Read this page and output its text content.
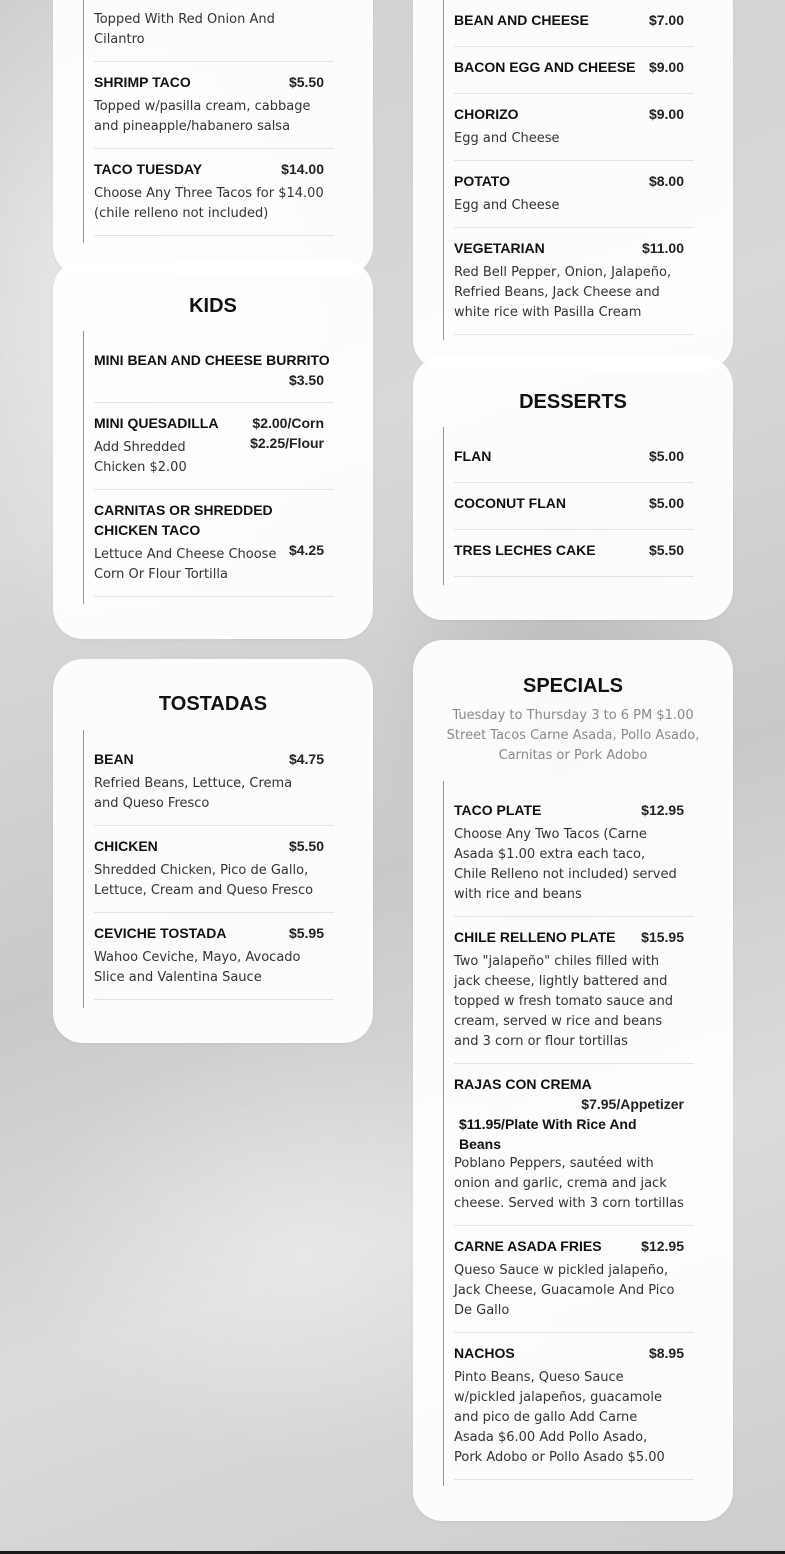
Topped With Red Onion And Cilantro
SHRIMP TACO	$5.50
Topped w/pasilla cream, cabbage and pineapple/habanero salsa
TACO TUESDAY	$14.00
Choose Any Three Tacos for $14.00 (chile relleno not included)
KIDS
MINI BEAN AND CHEESE BURRITO
$3.50
MINI QUESADILLA $2.00/Corn
$2.25/Flour
Add Shredded Chicken $2.00
CARNITAS OR SHREDDED CHICKEN TACO
$4.25
Lettuce And Cheese Choose Corn Or Flour Tortilla
TOSTADAS
BEAN	$4.75
Refried Beans, Lettuce, Crema and Queso Fresco
CHICKEN	$5.50
Shredded Chicken, Pico de Gallo, Lettuce, Cream and Queso Fresco
CEVICHE TOSTADA	$5.95
Wahoo Ceviche, Mayo, Avocado Slice and Valentina Sauce
BEAN AND CHEESE	$7.00
BACON EGG AND CHEESE $9.00
CHORIZO	$9.00
Egg and Cheese
POTATO	$8.00
Egg and Cheese
VEGETARIAN	$11.00
Red Bell Pepper, Onion, Jalapeño, Refried Beans, Jack Cheese and white rice with Pasilla Cream
DESSERTS
FLAN	$5.00
COCONUT FLAN	$5.00
TRES LECHES CAKE	$5.50
SPECIALS
Tuesday to Thursday 3 to 6 PM $1.00 Street Tacos Carne Asada, Pollo Asado, Carnitas or Pork Adobo
TACO PLATE	$12.95
Choose Any Two Tacos (Carne Asada $1.00 extra each taco, Chile Relleno not included) served with rice and beans
CHILE RELLENO PLATE $15.95
Two "jalapeño" chiles filled with jack cheese, lightly battered and topped w fresh tomato sauce and cream, served w rice and beans and 3 corn or flour tortillas
RAJAS CON CREMA
$7.95/Appetizer
$11.95/Plate With Rice And Beans
Poblano Peppers, sautéed with onion and garlic, crema and jack cheese. Served with 3 corn tortillas
CARNE ASADA FRIES	$12.95
Queso Sauce w pickled jalapeño, Jack Cheese, Guacamole And Pico De Gallo
NACHOS	$8.95
Pinto Beans, Queso Sauce w/pickled jalapeños, guacamole and pico de gallo Add Carne Asada $6.00 Add Pollo Asado, Pork Adobo or Pollo Asado $5.00
